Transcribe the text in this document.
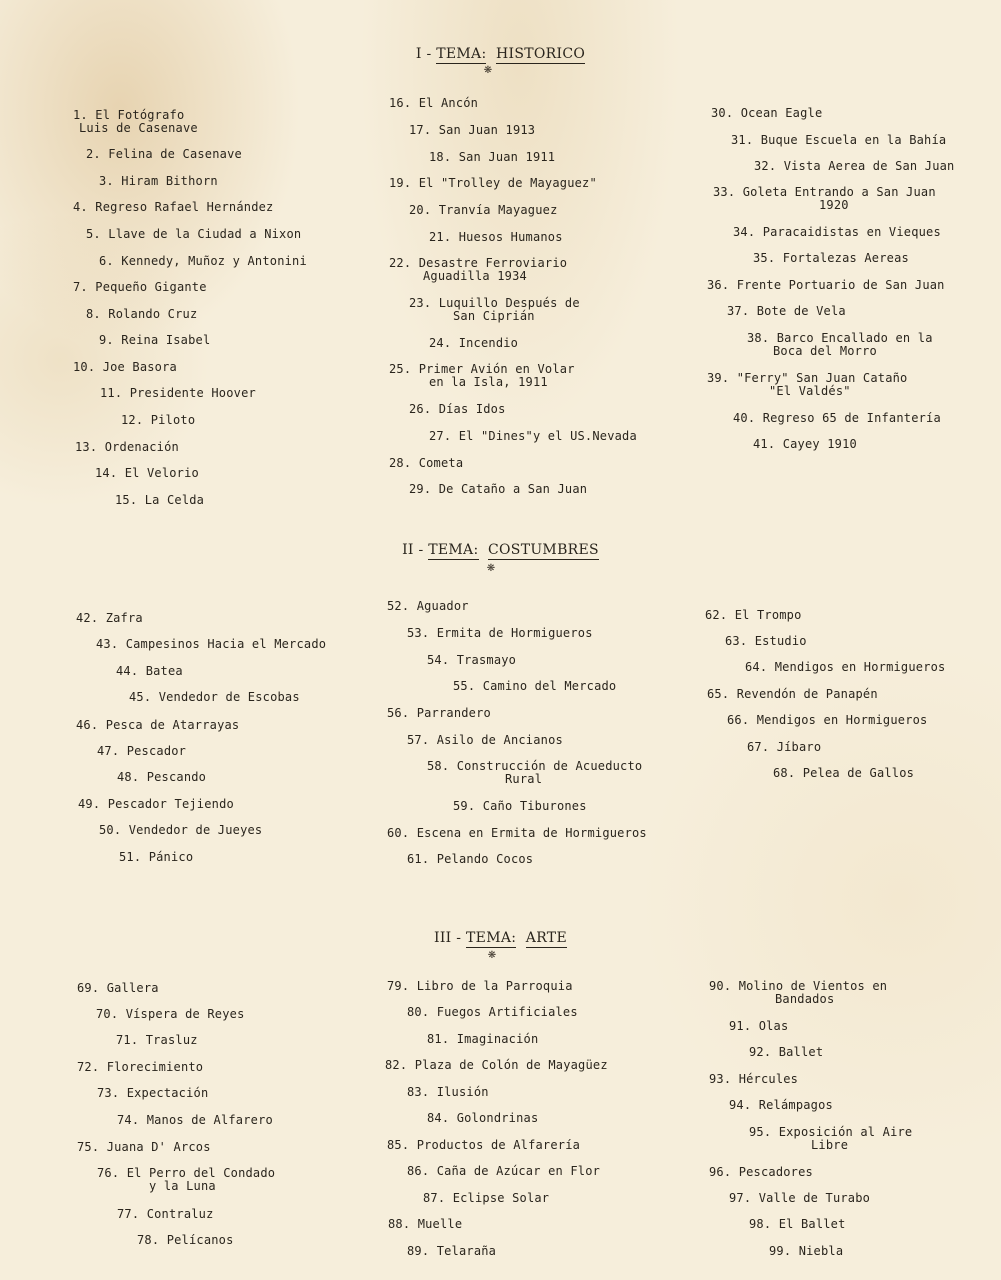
I - TEMA: HISTORICO
❋
1. El Fotógrafo
Luis de Casenave
2. Felina de Casenave
3. Hiram Bithorn
4. Regreso Rafael Hernández
5. Llave de la Ciudad a Nixon
6. Kennedy, Muñoz y Antonini
7. Pequeño Gigante
8. Rolando Cruz
9. Reina Isabel
10. Joe Basora
11. Presidente Hoover
12. Piloto
13. Ordenación
14. El Velorio
15. La Celda
16. El Ancón
17. San Juan 1913
18. San Juan 1911
19. El "Trolley de Mayaguez"
20. Tranvía Mayaguez
21. Huesos Humanos
22. Desastre Ferroviario
Aguadilla 1934
23. Luquillo Después de
San Ciprián
24. Incendio
25. Primer Avión en Volar
en la Isla, 1911
26. Días Idos
27. El "Dines"y el US.Nevada
28. Cometa
29. De Cataño a San Juan
30. Ocean Eagle
31. Buque Escuela en la Bahía
32. Vista Aerea de San Juan
33. Goleta Entrando a San Juan
1920
34. Paracaidistas en Vieques
35. Fortalezas Aereas
36. Frente Portuario de San Juan
37. Bote de Vela
38. Barco Encallado en la
Boca del Morro
39. "Ferry" San Juan Cataño
"El Valdés"
40. Regreso 65 de Infantería
41. Cayey 1910
II - TEMA: COSTUMBRES
❋
42. Zafra
43. Campesinos Hacia el Mercado
44. Batea
45. Vendedor de Escobas
46. Pesca de Atarrayas
47. Pescador
48. Pescando
49. Pescador Tejiendo
50. Vendedor de Jueyes
51. Pánico
52. Aguador
53. Ermita de Hormigueros
54. Trasmayo
55. Camino del Mercado
56. Parrandero
57. Asilo de Ancianos
58. Construcción de Acueducto
Rural
59. Caño Tiburones
60. Escena en Ermita de Hormigueros
61. Pelando Cocos
62. El Trompo
63. Estudio
64. Mendigos en Hormigueros
65. Revendón de Panapén
66. Mendigos en Hormigueros
67. Jíbaro
68. Pelea de Gallos
III - TEMA: ARTE
❋
69. Gallera
70. Víspera de Reyes
71. Trasluz
72. Florecimiento
73. Expectación
74. Manos de Alfarero
75. Juana D' Arcos
76. El Perro del Condado
y la Luna
77. Contraluz
78. Pelícanos
79. Libro de la Parroquia
80. Fuegos Artificiales
81. Imaginación
82. Plaza de Colón de Mayagüez
83. Ilusión
84. Golondrinas
85. Productos de Alfarería
86. Caña de Azúcar en Flor
87. Eclipse Solar
88. Muelle
89. Telaraña
90. Molino de Vientos en
Bandados
91. Olas
92. Ballet
93. Hércules
94. Relámpagos
95. Exposición al Aire
Libre
96. Pescadores
97. Valle de Turabo
98. El Ballet
99. Niebla
